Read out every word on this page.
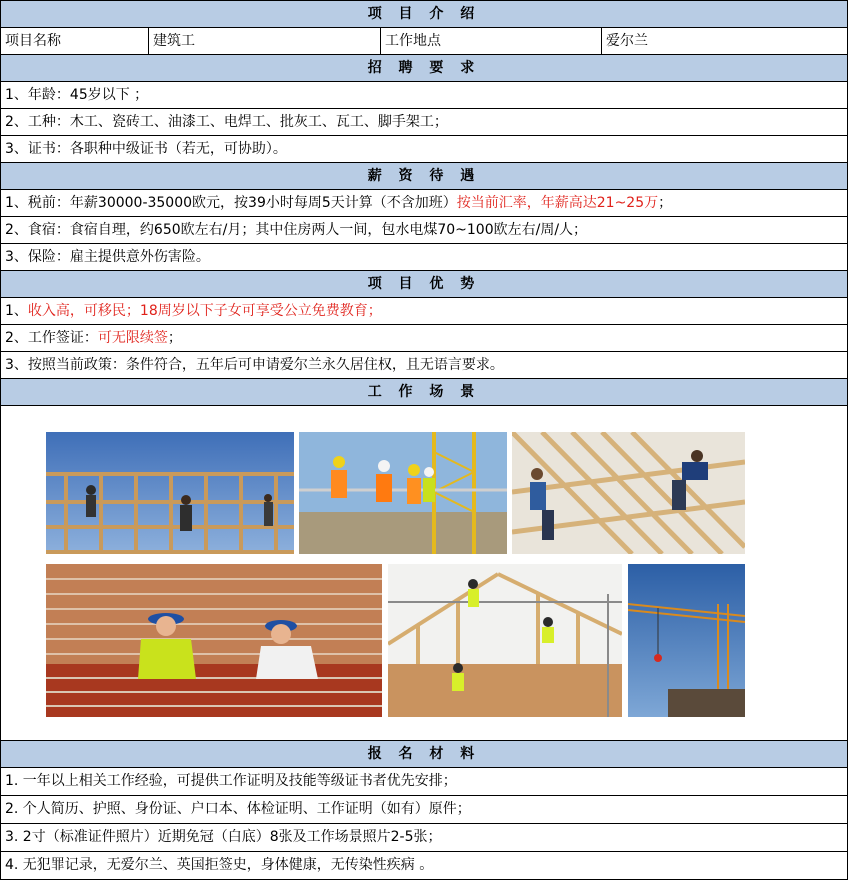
项 目 介 绍
项目名称	建筑工	工作地点	爱尔兰
招 聘 要 求
1、年龄：45岁以下 ；
2、工种：木工、瓷砖工、油漆工、电焊工、批灰工、瓦工、脚手架工；
3、证书：各职种中级证书（若无，可协助）。
薪 资 待 遇
1、税前：年薪30000-35000欧元，按39小时每周5天计算（不含加班）按当前汇率，年薪高达21~25万；
2、食宿：食宿自理，约650欧左右/月；其中住房两人一间，包水电煤70~100欧左右/周/人；
3、保险：雇主提供意外伤害险。
项 目 优 势
1、收入高，可移民；18周岁以下子女可享受公立免费教育；
2、工作签证：可无限续签；
3、按照当前政策：条件符合，五年后可申请爱尔兰永久居住权，且无语言要求。
工 作 场 景
报 名 材 料
1. 一年以上相关工作经验，可提供工作证明及技能等级证书者优先安排；
2. 个人简历、护照、身份证、户口本、体检证明、工作证明（如有）原件；
3. 2寸（标准证件照片）近期免冠（白底）8张及工作场景照片2-5张；
4. 无犯罪记录，无爱尔兰、英国拒签史，身体健康，无传染性疾病 。
